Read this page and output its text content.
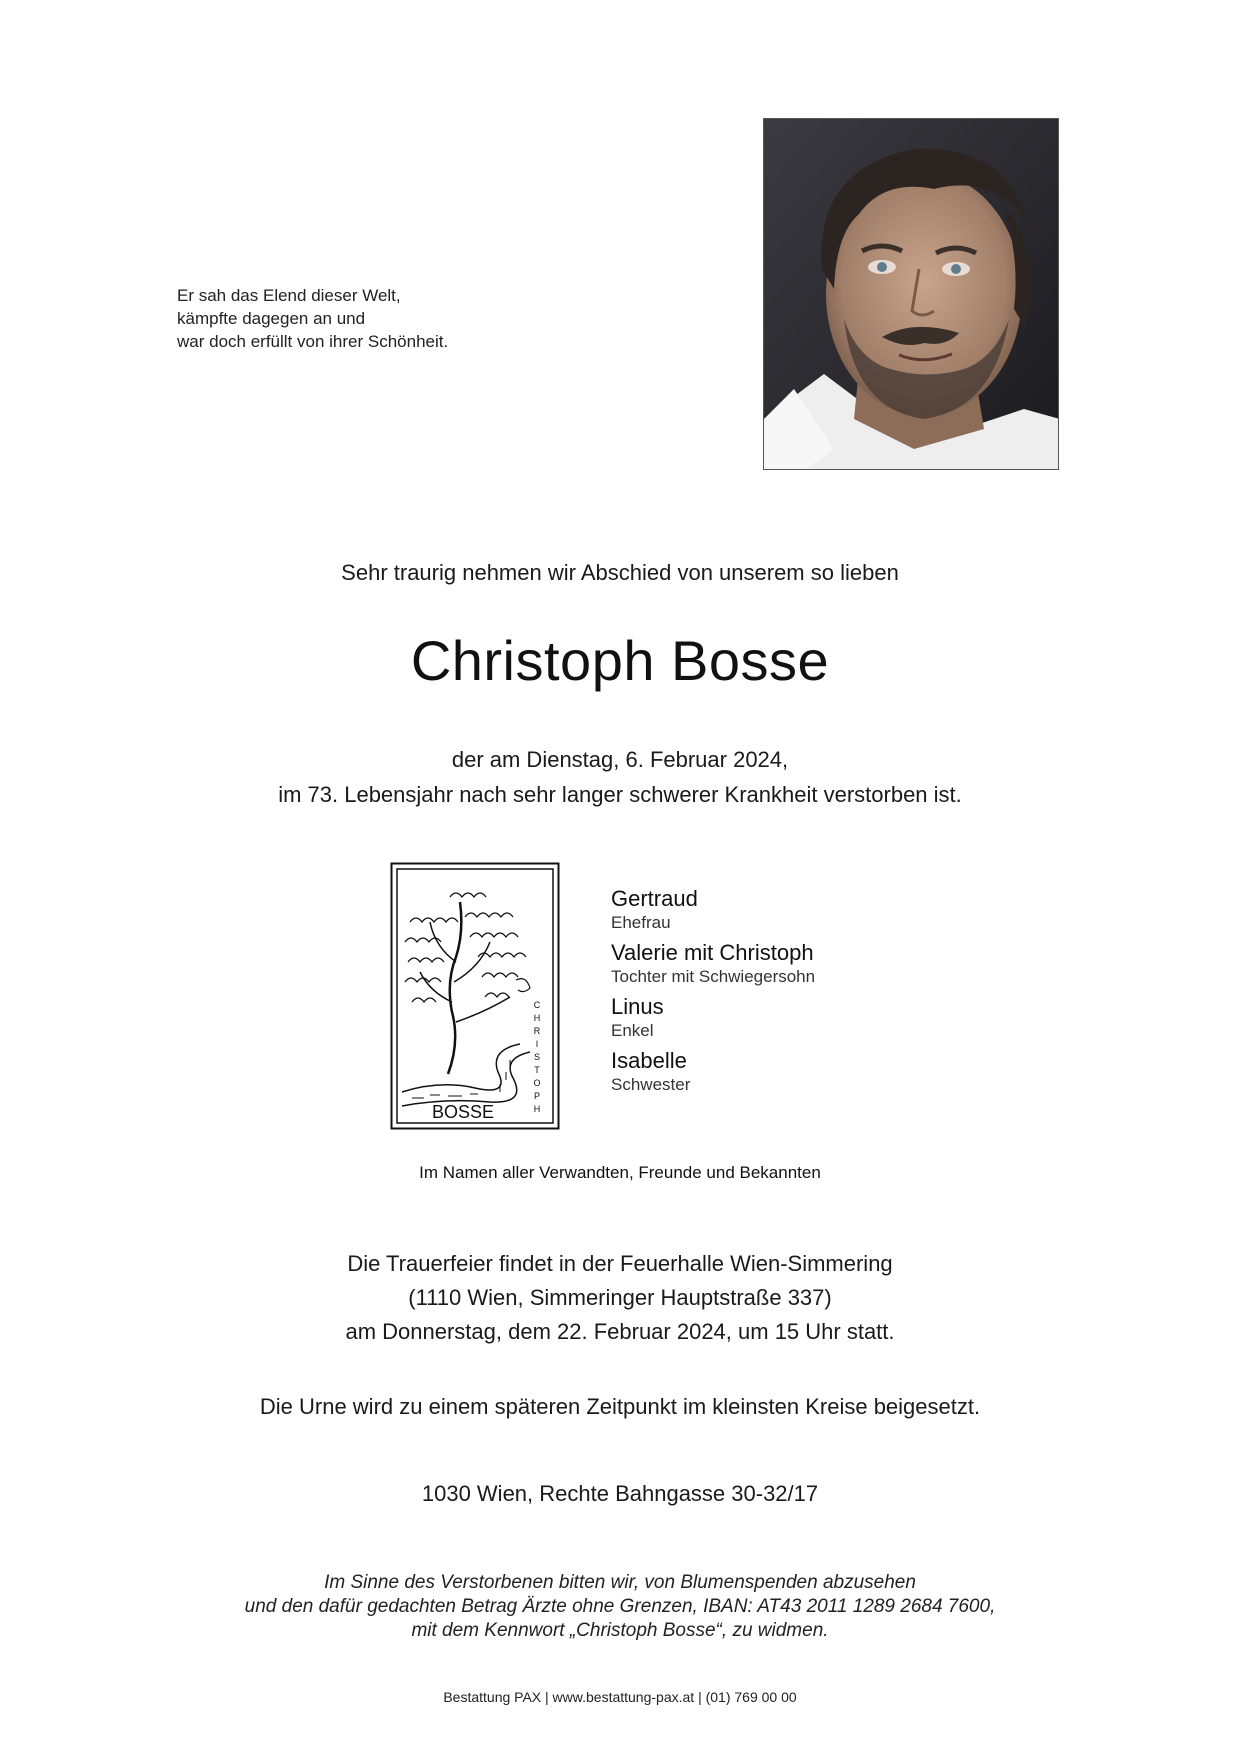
Er sah das Elend dieser Welt,
kämpfte dagegen an und
war doch erfüllt von ihrer Schönheit.
Sehr traurig nehmen wir Abschied von unserem so lieben
Christoph Bosse
der am Dienstag, 6. Februar 2024,
im 73. Lebensjahr nach sehr langer schwerer Krankheit verstorben ist.
BOSSE
C
H
R
I
S
T
O
P
H
Gertraud
Ehefrau
Valerie mit Christoph
Tochter mit Schwiegersohn
Linus
Enkel
Isabelle
Schwester
Im Namen aller Verwandten, Freunde und Bekannten
Die Trauerfeier findet in der Feuerhalle Wien-Simmering
(1110 Wien, Simmeringer Hauptstraße 337)
am Donnerstag, dem 22. Februar 2024, um 15 Uhr statt.
Die Urne wird zu einem späteren Zeitpunkt im kleinsten Kreise beigesetzt.
1030 Wien, Rechte Bahngasse 30-32/17
Im Sinne des Verstorbenen bitten wir, von Blumenspenden abzusehen
und den dafür gedachten Betrag Ärzte ohne Grenzen, IBAN: AT43 2011 1289 2684 7600,
mit dem Kennwort „Christoph Bosse“, zu widmen.
Bestattung PAX | www.bestattung-pax.at | (01) 769 00 00
